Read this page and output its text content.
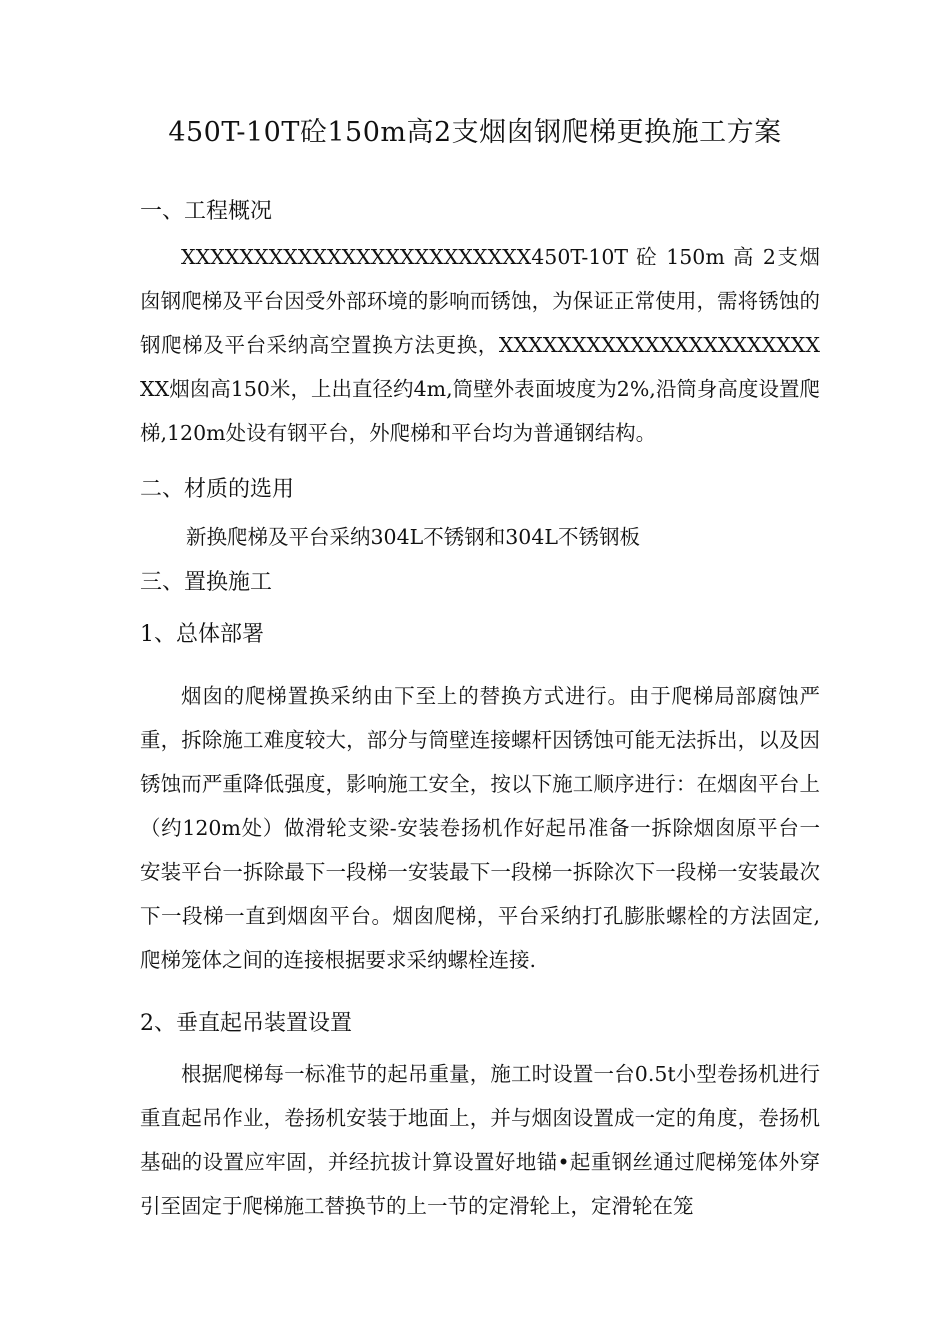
450T-10T砼150m高2支烟囱钢爬梯更换施工方案
一、工程概况

XXXXXXXXXXXXXXXXXXXXXXXX450T-10T 砼 150m 高 2支烟囱钢爬梯及平台因受外部环境的影响而锈蚀，为保证正常使用，需将锈蚀的钢爬梯及平台采纳高空置换方法更换，XXXXXXXXXXXXXXXXXXXXXXXX烟囱高150米，上出直径约4m,筒壁外表面坡度为2%,沿筒身高度设置爬梯,120m处设有钢平台，外爬梯和平台均为普通钢结构。

二、材质的选用
新换爬梯及平台采纳304L不锈钢和304L不锈钢板
三、置换施工
1、总体部署

烟囱的爬梯置换采纳由下至上的替换方式进行。由于爬梯局部腐蚀严重，拆除施工难度较大，部分与筒壁连接螺杆因锈蚀可能无法拆出，以及因锈蚀而严重降低强度，影响施工安全，按以下施工顺序进行：在烟囱平台上（约120m处）做滑轮支梁-安装卷扬机作好起吊准备一拆除烟囱原平台一安装平台一拆除最下一段梯一安装最下一段梯一拆除次下一段梯一安装最次下一段梯一直到烟囱平台。烟囱爬梯，平台采纳打孔膨胀螺栓的方法固定,爬梯笼体之间的连接根据要求采纳螺栓连接.

2、垂直起吊装置设置

根据爬梯每一标准节的起吊重量，施工时设置一台0.5t小型卷扬机进行重直起吊作业，卷扬机安装于地面上，并与烟囱设置成一定的角度，卷扬机基础的设置应牢固，并经抗拔计算设置好地锚•起重钢丝通过爬梯笼体外穿引至固定于爬梯施工替换节的上一节的定滑轮上，定滑轮在笼
